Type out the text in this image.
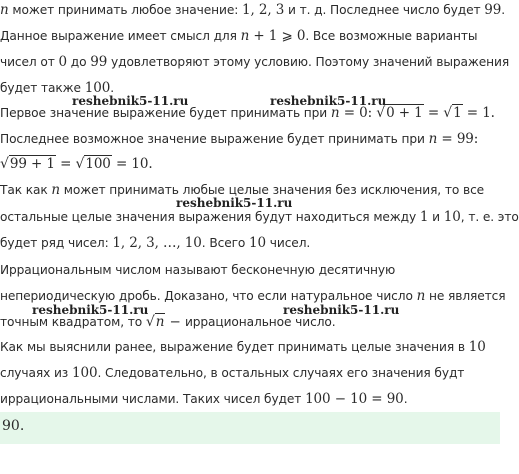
n может принимать любое значение: 1, 2, 3 и т. д. Последнее число будет 99.
Данное выражение имеет смысл для n + 1 ⩾ 0. Все возможные варианты
чисел от 0 до 99 удовлетворяют этому условию. Поэтому значений выражения
будет также 100.
Первое значение выражение будет принимать при n = 0: √0 + 1 = √1 = 1.
Последнее возможное значение выражение будет принимать при n = 99:
√99 + 1 = √100 = 10.
Так как n может принимать любые целые значения без исключения, то все
остальные целые значения выражения будут находиться между 1 и 10, т. е. это
будет ряд чисел: 1, 2, 3, …, 10. Всего 10 чисел.
Иррациональным числом называют бесконечную десятичную
непериодическую дробь. Доказано, что если натуральное число n не является
точным квадратом, то √n − иррациональное число.
Как мы выяснили ранее, выражение будет принимать целые значения в 10
случаях из 100. Следовательно, в остальных случаях его значения будт
иррациональными числами. Таких чисел будет 100 − 10 = 90.
reshebnik5-11.ru	reshebnik5-11.ru
reshebnik5-11.ru
reshebnik5-11.ru	reshebnik5-11.ru
90.
